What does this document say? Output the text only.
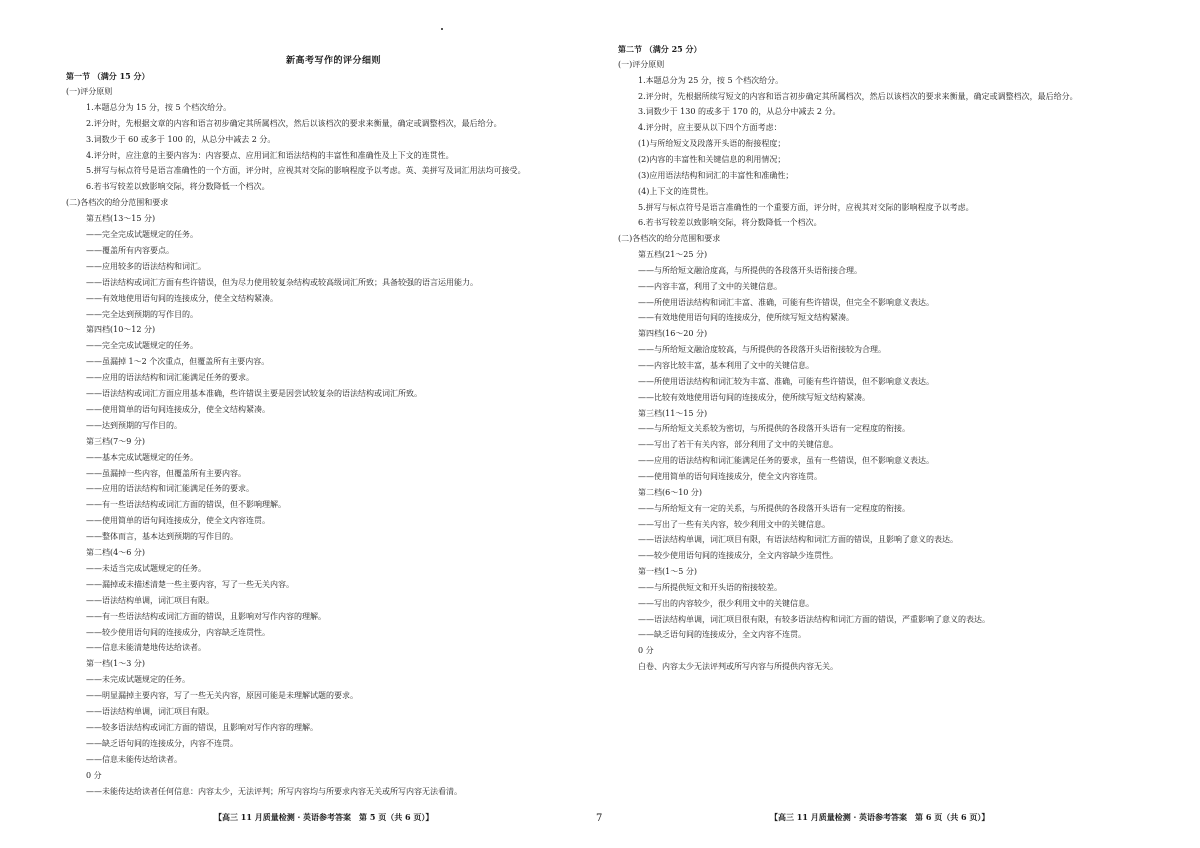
新高考写作的评分细则
第一节 （满分 15 分）
(一)评分原则
1.本题总分为 15 分，按 5 个档次给分。
2.评分时，先根据文章的内容和语言初步确定其所属档次，然后以该档次的要求来衡量，确定或调整档次，最后给分。
3.词数少于 60 或多于 100 的，从总分中减去 2 分。
4.评分时，应注意的主要内容为：内容要点、应用词汇和语法结构的丰富性和准确性及上下文的连贯性。
5.拼写与标点符号是语言准确性的一个方面，评分时，应视其对交际的影响程度予以考虑。英、美拼写及词汇用法均可接受。
6.若书写较差以致影响交际，将分数降低一个档次。
(二)各档次的给分范围和要求
第五档(13～15 分)
——完全完成试题规定的任务。
——覆盖所有内容要点。
——应用较多的语法结构和词汇。
——语法结构或词汇方面有些许错误，但为尽力使用较复杂结构或较高级词汇所致；具备较强的语言运用能力。
——有效地使用语句间的连接成分，使全文结构紧凑。
——完全达到预期的写作目的。
第四档(10～12 分)
——完全完成试题规定的任务。
——虽漏掉 1～2 个次重点，但覆盖所有主要内容。
——应用的语法结构和词汇能满足任务的要求。
——语法结构或词汇方面应用基本准确，些许错误主要是因尝试较复杂的语法结构或词汇所致。
——使用简单的语句间连接成分，使全文结构紧凑。
——达到预期的写作目的。
第三档(7～9 分)
——基本完成试题规定的任务。
——虽漏掉一些内容，但覆盖所有主要内容。
——应用的语法结构和词汇能满足任务的要求。
——有一些语法结构或词汇方面的错误，但不影响理解。
——使用简单的语句间连接成分，使全文内容连贯。
——整体而言，基本达到预期的写作目的。
第二档(4～6 分)
——未适当完成试题规定的任务。
——漏掉或未描述清楚一些主要内容，写了一些无关内容。
——语法结构单调，词汇项目有限。
——有一些语法结构或词汇方面的错误，且影响对写作内容的理解。
——较少使用语句间的连接成分，内容缺乏连贯性。
——信息未能清楚地传达给读者。
第一档(1～3 分)
——未完成试题规定的任务。
——明显漏掉主要内容，写了一些无关内容，原因可能是未理解试题的要求。
——语法结构单调，词汇项目有限。
——较多语法结构或词汇方面的错误，且影响对写作内容的理解。
——缺乏语句间的连接成分，内容不连贯。
——信息未能传达给读者。
0 分
——未能传达给读者任何信息：内容太少，无法评判；所写内容均与所要求内容无关或所写内容无法看清。
第二节 （满分 25 分）
(一)评分原则
1.本题总分为 25 分，按 5 个档次给分。
2.评分时，先根据所续写短文的内容和语言初步确定其所属档次，然后以该档次的要求来衡量，确定或调整档次，最后给分。
3.词数少于 130 的或多于 170 的，从总分中减去 2 分。
4.评分时，应主要从以下四个方面考虑：
(1)与所给短文及段落开头语的衔接程度；
(2)内容的丰富性和关键信息的利用情况；
(3)应用语法结构和词汇的丰富性和准确性；
(4)上下文的连贯性。
5.拼写与标点符号是语言准确性的一个重要方面，评分时，应视其对交际的影响程度予以考虑。
6.若书写较差以致影响交际，将分数降低一个档次。
(二)各档次的给分范围和要求
第五档(21～25 分)
——与所给短文融洽度高，与所提供的各段落开头语衔接合理。
——内容丰富，利用了文中的关键信息。
——所使用语法结构和词汇丰富、准确，可能有些许错误，但完全不影响意义表达。
——有效地使用语句间的连接成分，使所续写短文结构紧凑。
第四档(16～20 分)
——与所给短文融洽度较高，与所提供的各段落开头语衔接较为合理。
——内容比较丰富，基本利用了文中的关键信息。
——所使用语法结构和词汇较为丰富、准确，可能有些许错误，但不影响意义表达。
——比较有效地使用语句间的连接成分，使所续写短文结构紧凑。
第三档(11～15 分)
——与所给短文关系较为密切，与所提供的各段落开头语有一定程度的衔接。
——写出了若干有关内容，部分利用了文中的关键信息。
——应用的语法结构和词汇能满足任务的要求，虽有一些错误，但不影响意义表达。
——使用简单的语句间连接成分，使全文内容连贯。
第二档(6～10 分)
——与所给短文有一定的关系，与所提供的各段落开头语有一定程度的衔接。
——写出了一些有关内容，较少利用文中的关键信息。
——语法结构单调，词汇项目有限，有语法结构和词汇方面的错误，且影响了意义的表达。
——较少使用语句间的连接成分，全文内容缺少连贯性。
第一档(1～5 分)
——与所提供短文和开头语的衔接较差。
——写出的内容较少，很少利用文中的关键信息。
——语法结构单调，词汇项目很有限，有较多语法结构和词汇方面的错误，严重影响了意义的表达。
——缺乏语句间的连接成分，全文内容不连贯。
0 分
白卷、内容太少无法评判或所写内容与所提供内容无关。
【高三 11 月质量检测 · 英语参考答案　第 5 页（共 6 页）】	7	【高三 11 月质量检测 · 英语参考答案　第 6 页（共 6 页）】
